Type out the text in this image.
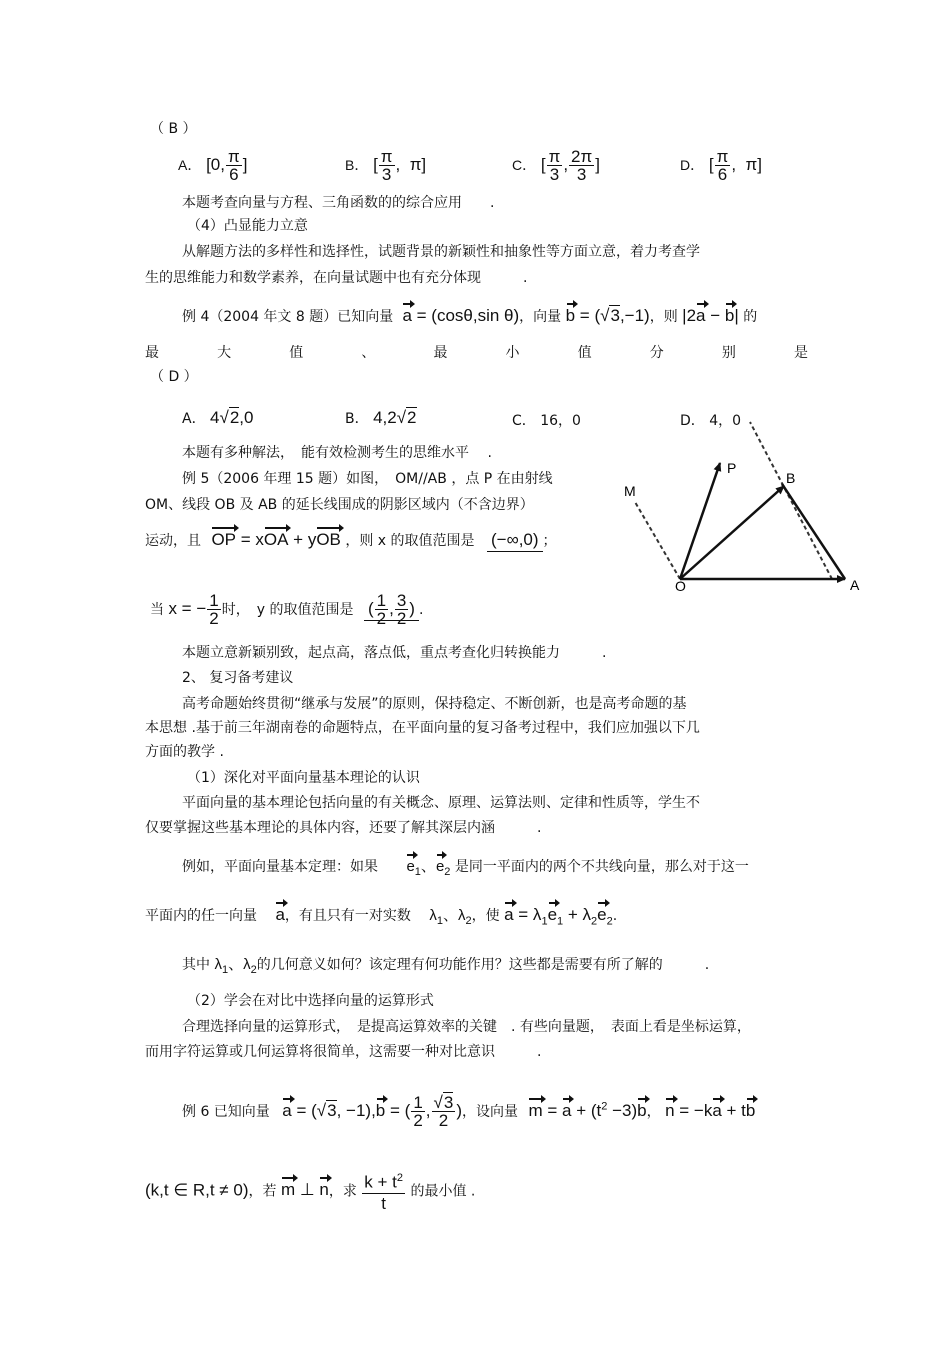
（ B ）
A． [0, $\frac{\pi}{6}$ ]	B． [ $\frac{\pi}{3}$ ,  π]	C． [ $\frac{\pi}{3}$ , $\frac{2\pi}{3}$ ]	D． [ $\frac{\pi}{6}$ ,  π]
本题考查向量与方程、三角函数的的综合应用　　.
（4）凸显能力立意
从解题方法的多样性和选择性，试题背景的新颖性和抽象性等方面立意，着力考查学
生的思维能力和数学素养，在向量试题中也有充分体现　　　.
例 4（2004 年文 8 题）已知向量 a = (cosθ,sin θ)，向量 b = (√3,−1)，则 |2a − b| 的
最	大	值	、	最	小	值	分	别	是
（ D ）
A． 4√2,0	B． 4,2√2	C． 16，0	D． 4，0
本题有多种解法，　能有效检测考生的思维水平　 .
例 5（2006 年理 15 题）如图，　OM//AB ，点 P 在由射线
OM、线段 OB 及 AB 的延长线围成的阴影区域内（不含边界）
运动，且 OP = xOA + yOB ，则 x 的取值范围是 (−∞,0) ；
当 x = − $\frac{1}{2}$ 时，　y 的取值范围是 ( $\frac{1}{2}$ , $\frac{3}{2}$ ) .
本题立意新颖别致，起点高，落点低，重点考查化归转换能力　　　.
P
B
M
O	A
2、 复习备考建议
高考命题始终贯彻“继承与发展”的原则，保持稳定、不断创新，也是高考命题的基
本思想 .基于前三年湖南卷的命题特点，在平面向量的复习备考过程中，我们应加强以下几
方面的教学 .
（1）深化对平面向量基本理论的认识
平面向量的基本理论包括向量的有关概念、原理、运算法则、定律和性质等，学生不
仅要掌握这些基本理论的具体内容，还要了解其深层内涵　　　.
例如，平面向量基本定理：如果 $e_1$、$e_2$ 是同一平面内的两个不共线向量，那么对于这一
平面内的任一向量 a，有且只有一对实数 $\lambda_1$、$\lambda_2$，使 $a = \lambda_1e_1 + \lambda_2e_2$.
其中 $\lambda_1$、$\lambda_2$的几何意义如何？该定理有何功能作用？这些都是需要有所了解的　　　.
（2）学会在对比中选择向量的运算形式
合理选择向量的运算形式，　是提高运算效率的关键　. 有些向量题，　表面上看是坐标运算，
而用字符运算或几何运算将很简单，这需要一种对比意识　　　.
例 6 已知向量 a = (√3, −1),b = ( $\frac{1}{2}$ , $\frac{√3}{2}$ )，设向量 $m = a + (t^2 -3)b$， n = −ka + tb
(k,t ∈ R,t ≠ 0)，若 m ⊥ n，求 $\frac{k + t^2}{t}$ 的最小值 .
